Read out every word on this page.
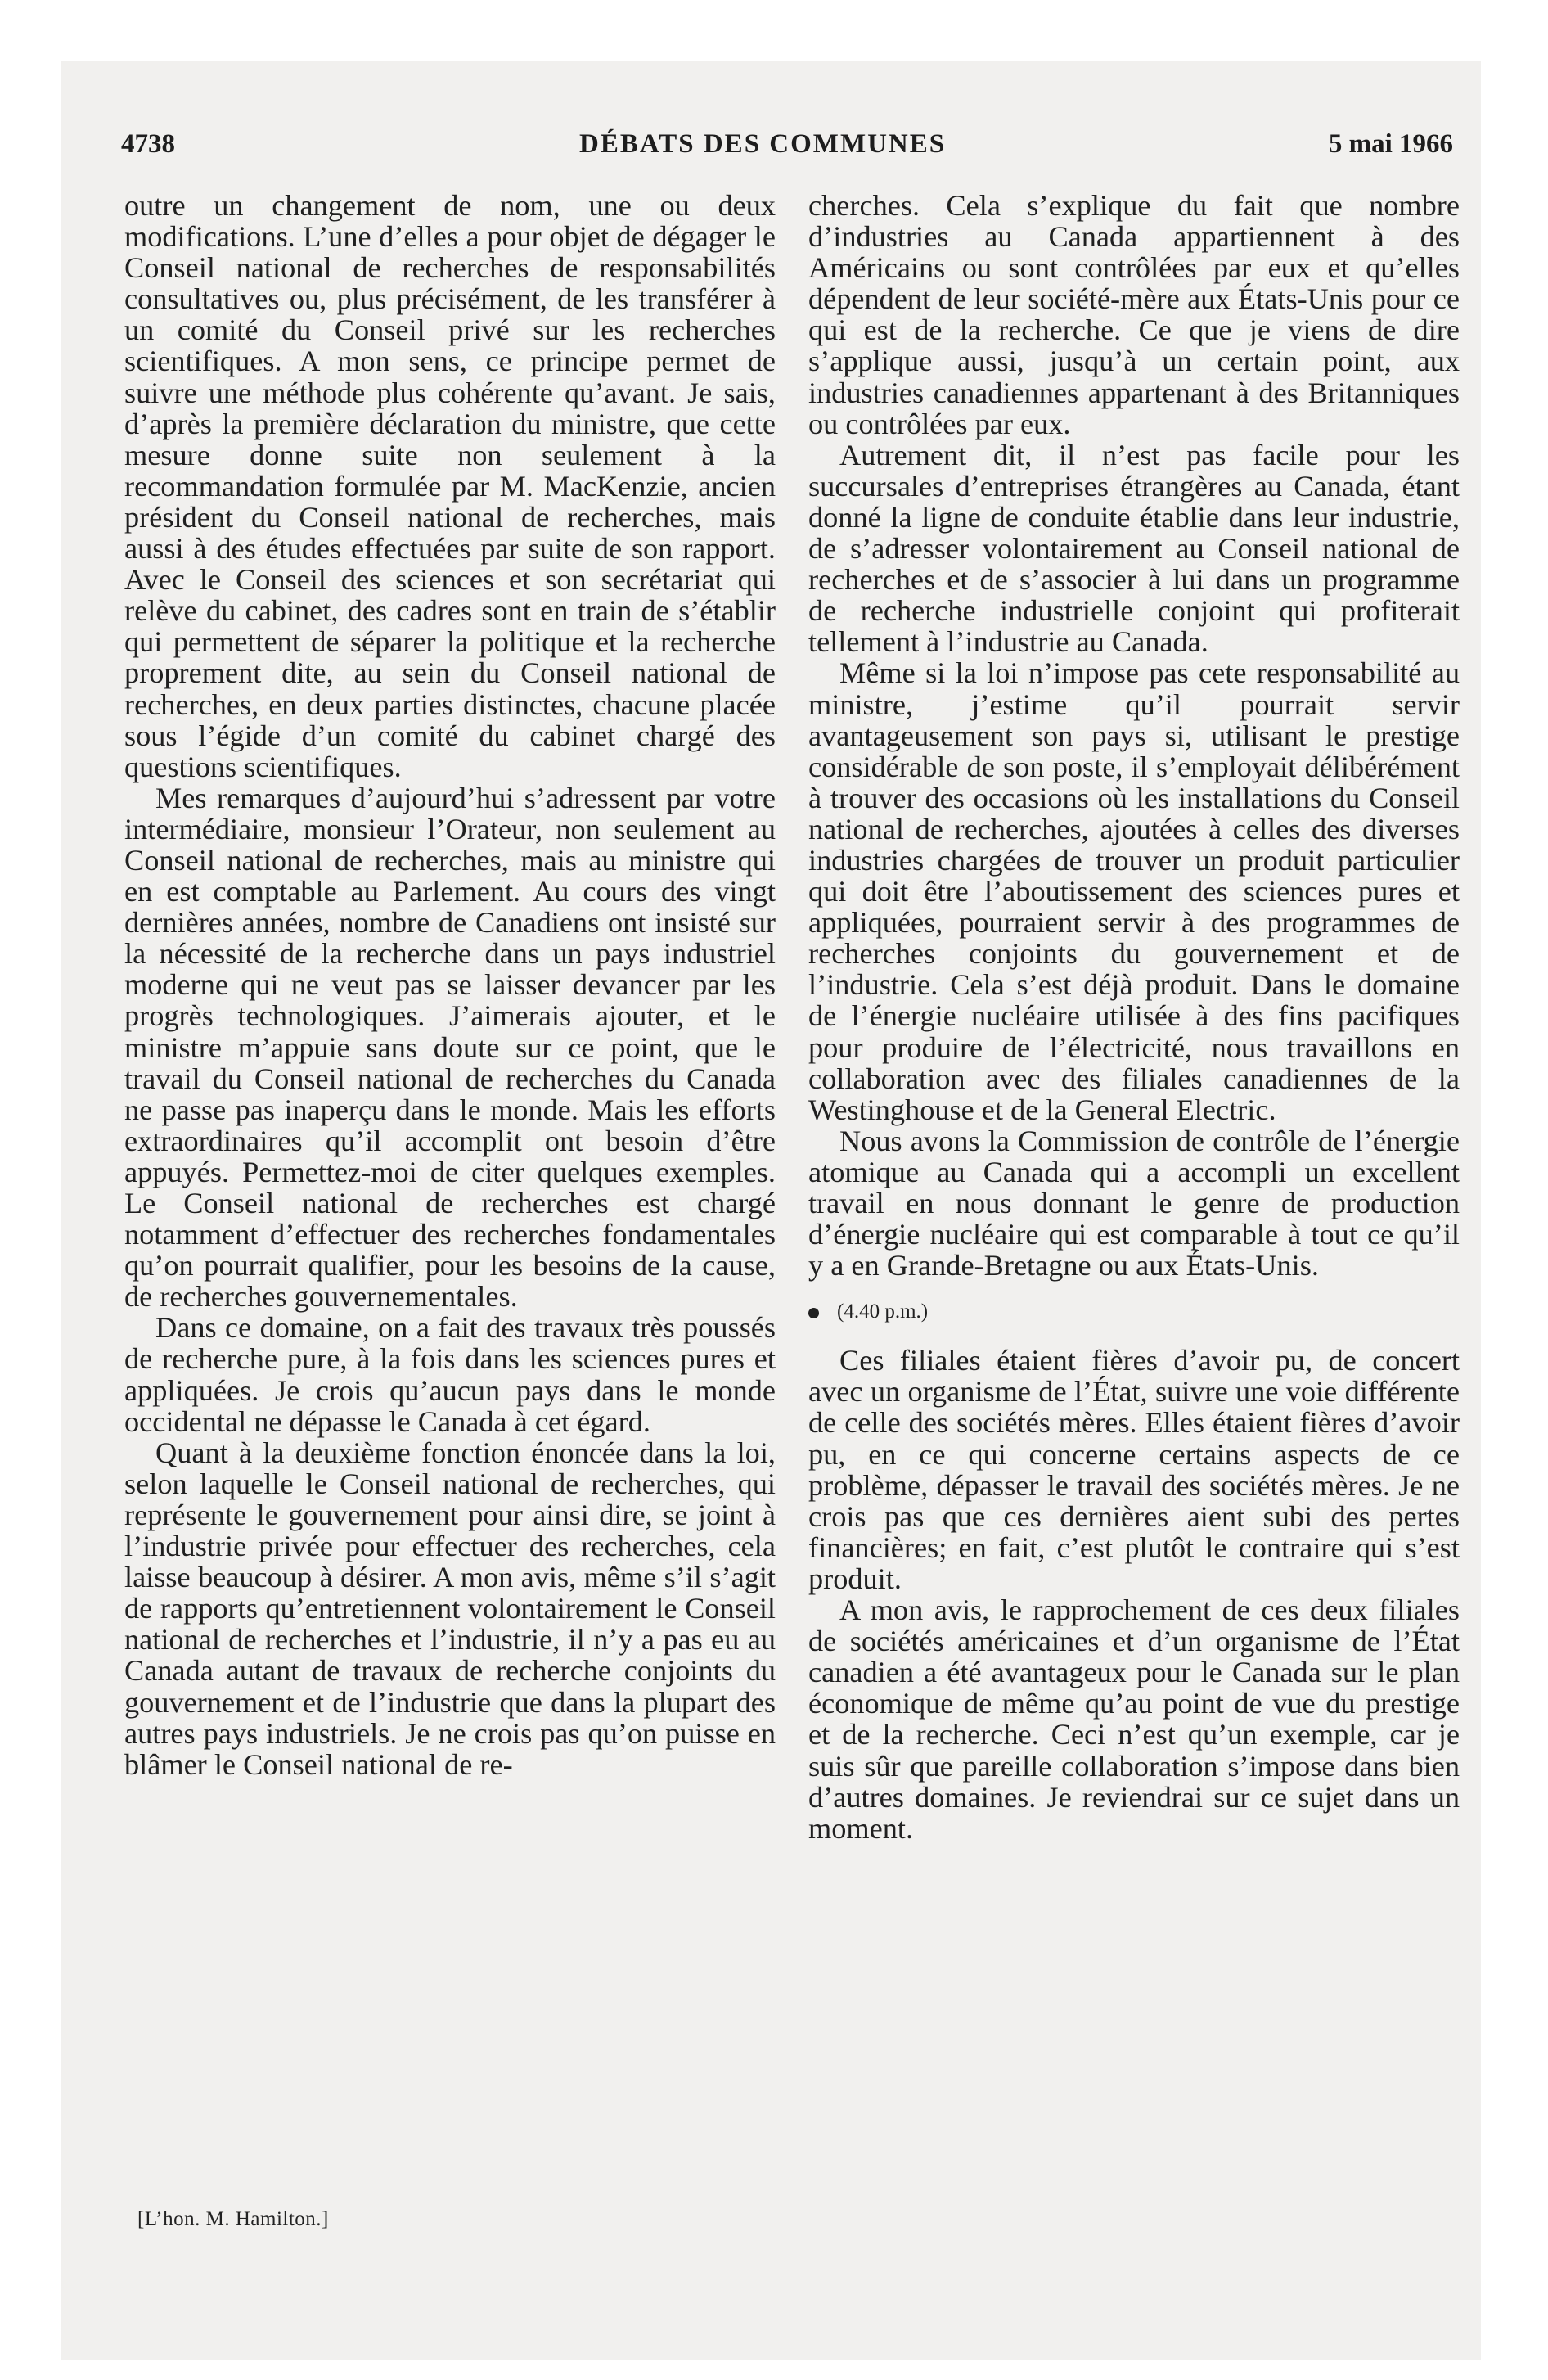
4738	DÉBATS DES COMMUNES	5 mai 1966

outre un changement de nom, une ou deux modifications. L’une d’elles a pour objet de dégager le Conseil national de recherches de responsabilités consultatives ou, plus précisément, de les transférer à un comité du Conseil privé sur les recherches scientifiques. A mon sens, ce principe permet de suivre une méthode plus cohérente qu’avant. Je sais, d’après la première déclaration du ministre, que cette mesure donne suite non seulement à la recommandation formulée par M. MacKenzie, ancien président du Conseil national de recherches, mais aussi à des études effectuées par suite de son rapport. Avec le Conseil des sciences et son secrétariat qui relève du cabinet, des cadres sont en train de s’établir qui permettent de séparer la politique et la recherche proprement dite, au sein du Conseil national de recherches, en deux parties distinctes, chacune placée sous l’égide d’un comité du cabinet chargé des questions scientifiques.

Mes remarques d’aujourd’hui s’adressent par votre intermédiaire, monsieur l’Orateur, non seulement au Conseil national de recherches, mais au ministre qui en est comptable au Parlement. Au cours des vingt dernières années, nombre de Canadiens ont insisté sur la nécessité de la recherche dans un pays industriel moderne qui ne veut pas se laisser devancer par les progrès technologiques. J’aimerais ajouter, et le ministre m’appuie sans doute sur ce point, que le travail du Conseil national de recherches du Canada ne passe pas inaperçu dans le monde. Mais les efforts extraordinaires qu’il accomplit ont besoin d’être appuyés. Permettez-moi de citer quelques exemples. Le Conseil national de recherches est chargé notamment d’effectuer des recherches fondamentales qu’on pourrait qualifier, pour les besoins de la cause, de recherches gouvernementales.

Dans ce domaine, on a fait des travaux très poussés de recherche pure, à la fois dans les sciences pures et appliquées. Je crois qu’aucun pays dans le monde occidental ne dépasse le Canada à cet égard.

Quant à la deuxième fonction énoncée dans la loi, selon laquelle le Conseil national de recherches, qui représente le gouvernement pour ainsi dire, se joint à l’industrie privée pour effectuer des recherches, cela laisse beaucoup à désirer. A mon avis, même s’il s’agit de rapports qu’entretiennent volontairement le Conseil national de recherches et l’industrie, il n’y a pas eu au Canada autant de travaux de recherche conjoints du gouvernement et de l’industrie que dans la plupart des autres pays industriels. Je ne crois pas qu’on puisse en blâmer le Conseil national de re-

[L’hon. M. Hamilton.]

cherches. Cela s’explique du fait que nombre d’industries au Canada appartiennent à des Américains ou sont contrôlées par eux et qu’elles dépendent de leur société-mère aux États-Unis pour ce qui est de la recherche. Ce que je viens de dire s’applique aussi, jusqu’à un certain point, aux industries canadiennes appartenant à des Britanniques ou contrôlées par eux.

Autrement dit, il n’est pas facile pour les succursales d’entreprises étrangères au Canada, étant donné la ligne de conduite établie dans leur industrie, de s’adresser volontairement au Conseil national de recherches et de s’associer à lui dans un programme de recherche industrielle conjoint qui profiterait tellement à l’industrie au Canada.

Même si la loi n’impose pas cete responsabilité au ministre, j’estime qu’il pourrait servir avantageusement son pays si, utilisant le prestige considérable de son poste, il s’employait délibérément à trouver des occasions où les installations du Conseil national de recherches, ajoutées à celles des diverses industries chargées de trouver un produit particulier qui doit être l’aboutissement des sciences pures et appliquées, pourraient servir à des programmes de recherches conjoints du gouvernement et de l’industrie. Cela s’est déjà produit. Dans le domaine de l’énergie nucléaire utilisée à des fins pacifiques pour produire de l’électricité, nous travaillons en collaboration avec des filiales canadiennes de la Westinghouse et de la General Electric.

Nous avons la Commission de contrôle de l’énergie atomique au Canada qui a accompli un excellent travail en nous donnant le genre de production d’énergie nucléaire qui est comparable à tout ce qu’il y a en Grande-Bretagne ou aux États-Unis.

(4.40 p.m.)

Ces filiales étaient fières d’avoir pu, de concert avec un organisme de l’État, suivre une voie différente de celle des sociétés mères. Elles étaient fières d’avoir pu, en ce qui concerne certains aspects de ce problème, dépasser le travail des sociétés mères. Je ne crois pas que ces dernières aient subi des pertes financières; en fait, c’est plutôt le contraire qui s’est produit.

A mon avis, le rapprochement de ces deux filiales de sociétés américaines et d’un organisme de l’État canadien a été avantageux pour le Canada sur le plan économique de même qu’au point de vue du prestige et de la recherche. Ceci n’est qu’un exemple, car je suis sûr que pareille collaboration s’impose dans bien d’autres domaines. Je reviendrai sur ce sujet dans un moment.
